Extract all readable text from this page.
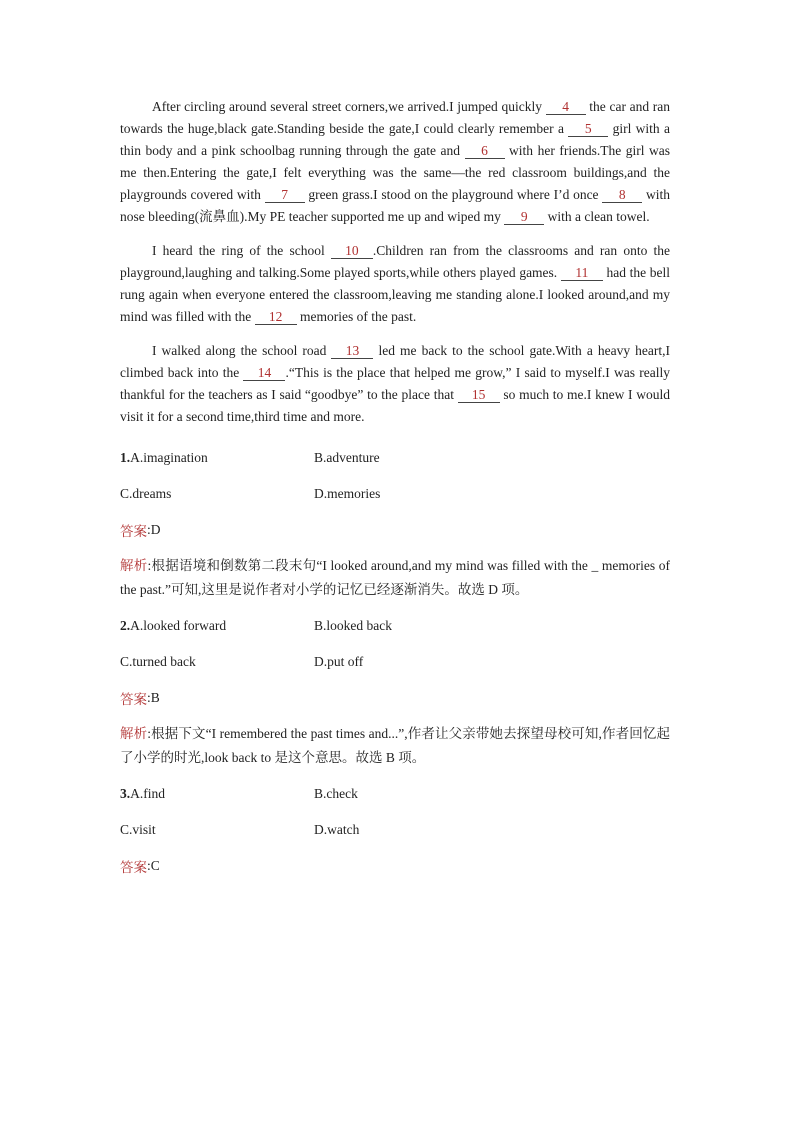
After circling around several street corners,we arrived.I jumped quickly 4 the car and ran towards the huge,black gate.Standing beside the gate,I could clearly remember a 5 girl with a thin body and a pink schoolbag running through the gate and 6 with her friends.The girl was me then.Entering the gate,I felt everything was the same—the red classroom buildings,and the playgrounds covered with 7 green grass.I stood on the playground where I’d once 8 with nose bleeding(流鼻血).My PE teacher supported me up and wiped my 9 with a clean towel.

I heard the ring of the school 10 .Children ran from the classrooms and ran onto the playground,laughing and talking.Some played sports,while others played games. 11 had the bell rung again when everyone entered the classroom,leaving me standing alone.I looked around,and my mind was filled with the 12 memories of the past.

I walked along the school road 13 led me back to the school gate.With a heavy heart,I climbed back into the 14 .“This is the place that helped me grow,” I said to myself.I was really thankful for the teachers as I said “goodbye” to the place that 15 so much to me.I knew I would visit it for a second time,third time and more.

1.A.imagination	B.adventure
C.dreams	D.memories
答案 :D

解析:根据语境和倒数第二段末句“I looked around,and my mind was filled with the _ memories of the past.”可知,这里是说作者对小学的记忆已经逐渐消失。故选 D 项。

2.A.looked forward	B.looked back
C.turned back	D.put off
答案 :B

解析:根据下文“I remembered the past times and...”,作者让父亲带她去探望母校可知,作者回忆起了小学的时光,look back to 是这个意思。故选 B 项。

3.A.find	B.check
C.visit	D.watch
答案 :C
